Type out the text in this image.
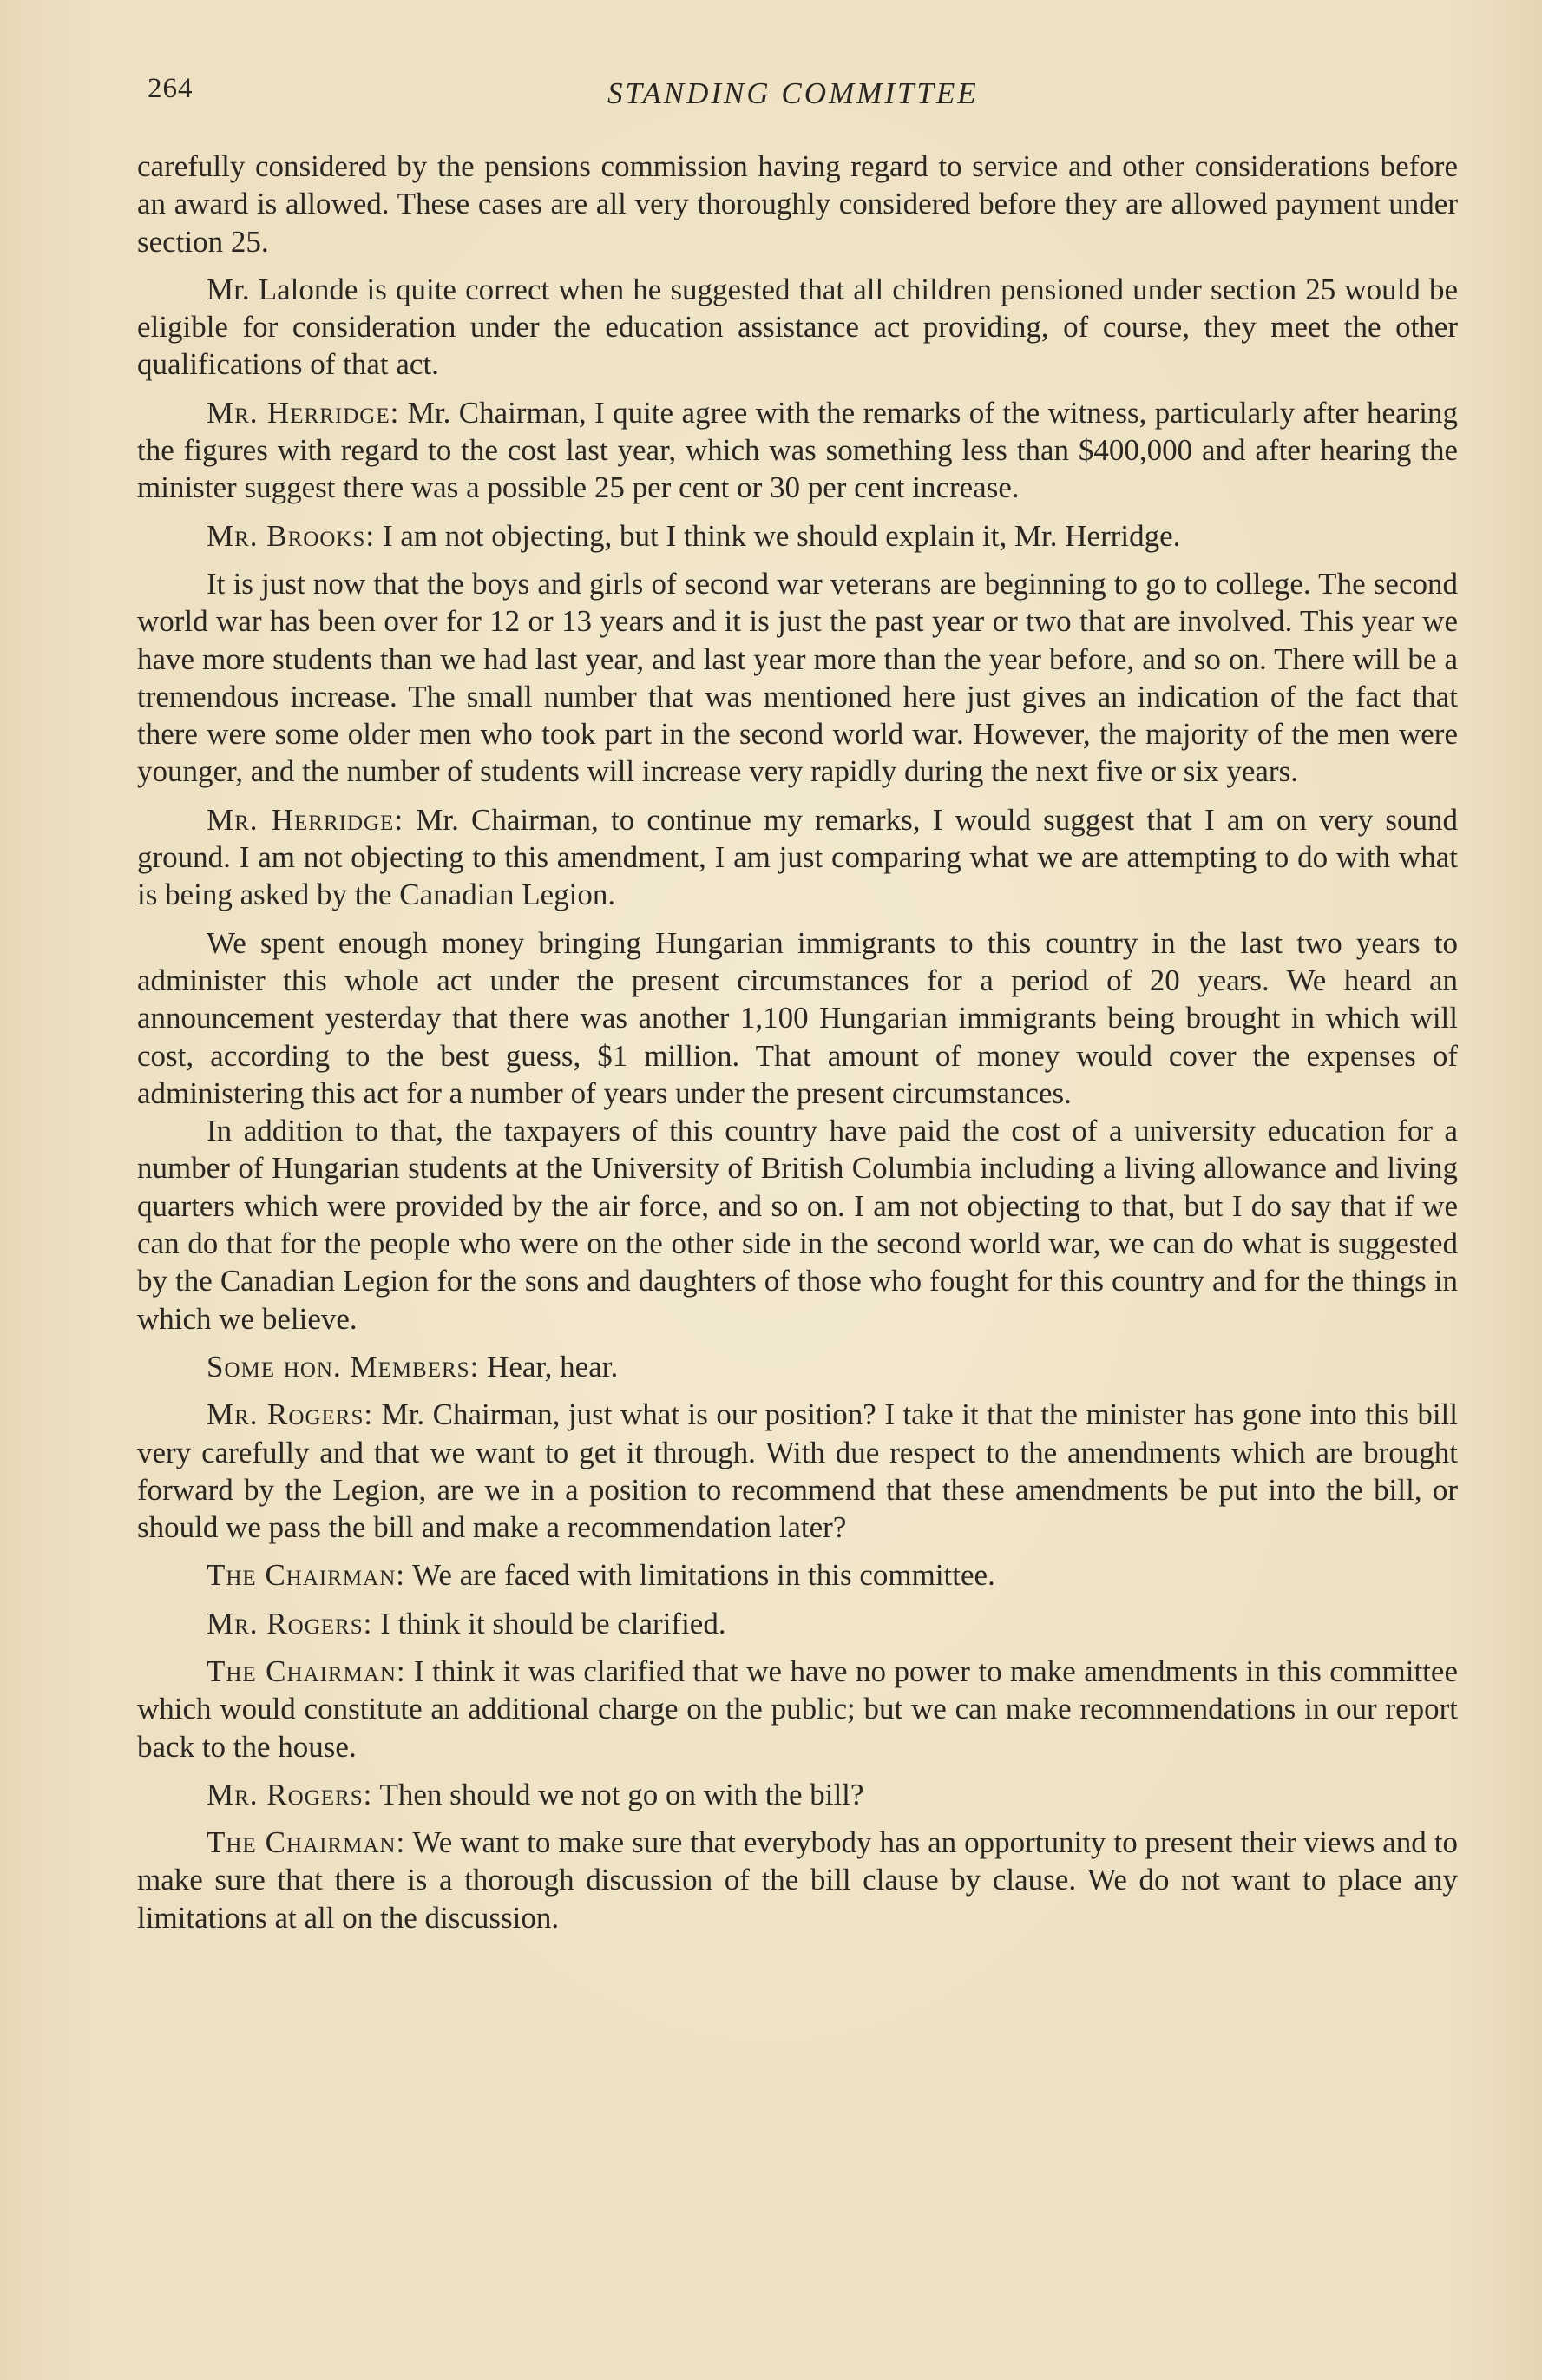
264	STANDING COMMITTEE

carefully considered by the pensions commission having regard to service and other considerations before an award is allowed. These cases are all very thoroughly considered before they are allowed payment under section 25.

Mr. Lalonde is quite correct when he suggested that all children pensioned under section 25 would be eligible for consideration under the education assistance act providing, of course, they meet the other qualifications of that act.

Mr. Herridge: Mr. Chairman, I quite agree with the remarks of the witness, particularly after hearing the figures with regard to the cost last year, which was something less than $400,000 and after hearing the minister suggest there was a possible 25 per cent or 30 per cent increase.

Mr. Brooks: I am not objecting, but I think we should explain it, Mr. Herridge.

It is just now that the boys and girls of second war veterans are beginning to go to college. The second world war has been over for 12 or 13 years and it is just the past year or two that are involved. This year we have more students than we had last year, and last year more than the year before, and so on. There will be a tremendous increase. The small number that was mentioned here just gives an indication of the fact that there were some older men who took part in the second world war. However, the majority of the men were younger, and the number of students will increase very rapidly during the next five or six years.

Mr. Herridge: Mr. Chairman, to continue my remarks, I would suggest that I am on very sound ground. I am not objecting to this amendment, I am just comparing what we are attempting to do with what is being asked by the Canadian Legion.

We spent enough money bringing Hungarian immigrants to this country in the last two years to administer this whole act under the present circumstances for a period of 20 years. We heard an announcement yesterday that there was another 1,100 Hungarian immigrants being brought in which will cost, according to the best guess, $1 million. That amount of money would cover the expenses of administering this act for a number of years under the present circumstances.

In addition to that, the taxpayers of this country have paid the cost of a university education for a number of Hungarian students at the University of British Columbia including a living allowance and living quarters which were provided by the air force, and so on. I am not objecting to that, but I do say that if we can do that for the people who were on the other side in the second world war, we can do what is suggested by the Canadian Legion for the sons and daughters of those who fought for this country and for the things in which we believe.

Some hon. Members: Hear, hear.

Mr. Rogers: Mr. Chairman, just what is our position? I take it that the minister has gone into this bill very carefully and that we want to get it through. With due respect to the amendments which are brought forward by the Legion, are we in a position to recommend that these amendments be put into the bill, or should we pass the bill and make a recommendation later?

The Chairman: We are faced with limitations in this committee.

Mr. Rogers: I think it should be clarified.

The Chairman: I think it was clarified that we have no power to make amendments in this committee which would constitute an additional charge on the public; but we can make recommendations in our report back to the house.

Mr. Rogers: Then should we not go on with the bill?

The Chairman: We want to make sure that everybody has an opportunity to present their views and to make sure that there is a thorough discussion of the bill clause by clause. We do not want to place any limitations at all on the discussion.
